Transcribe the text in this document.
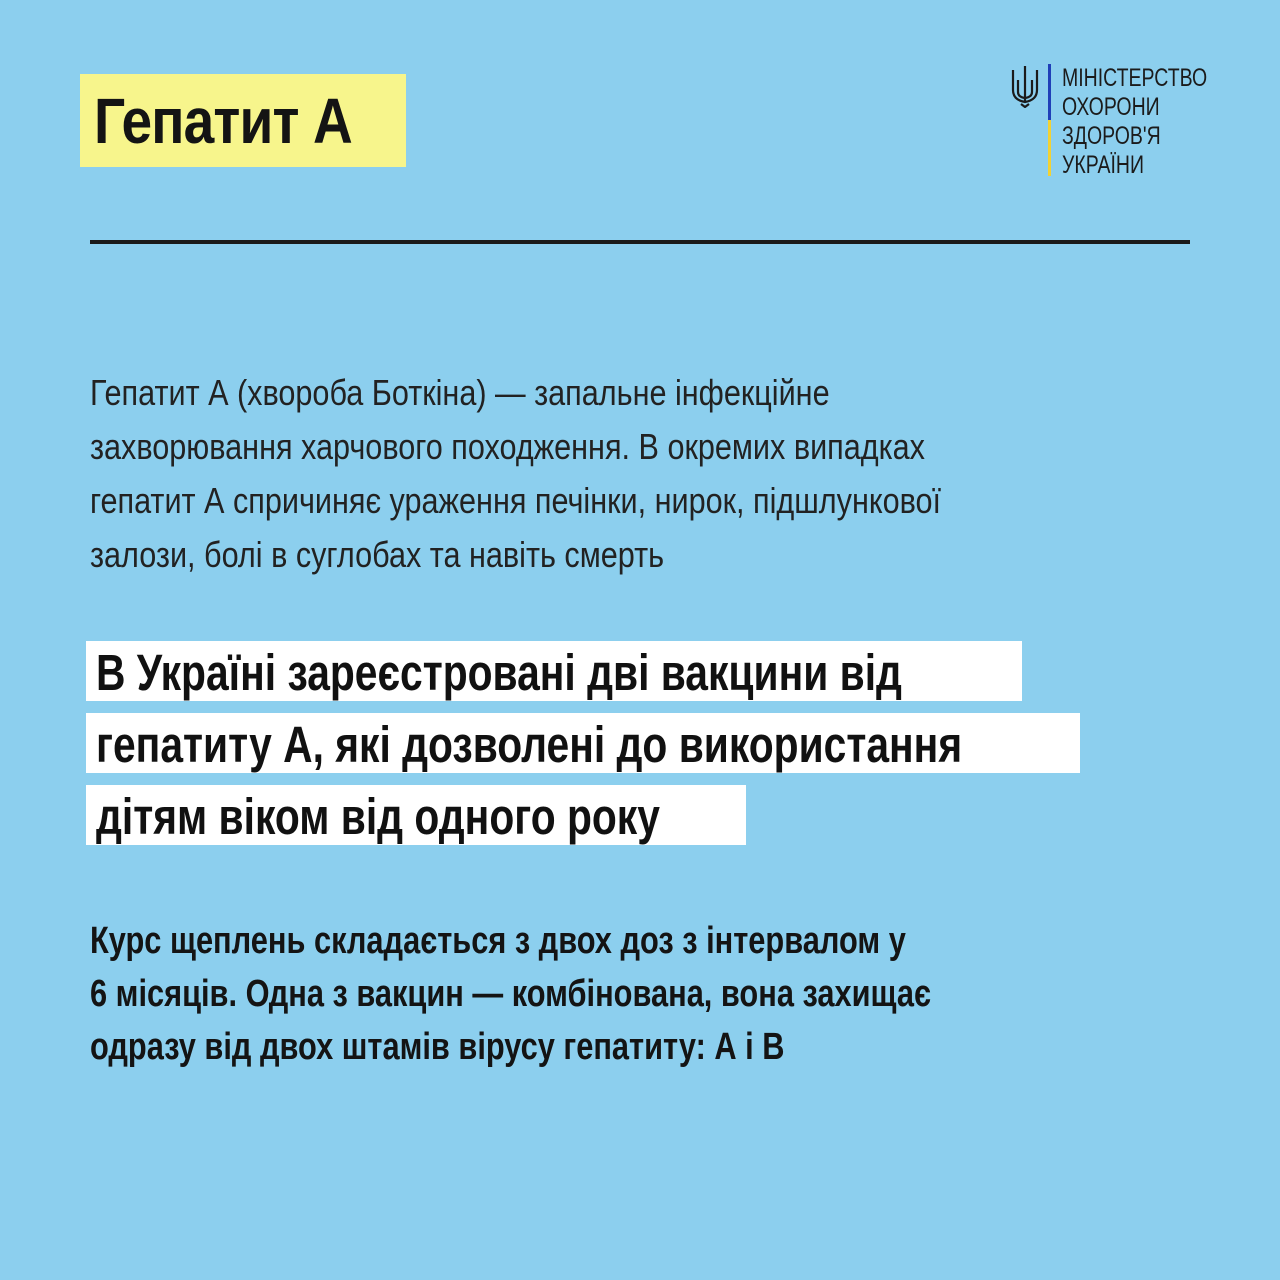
Гепатит А
МІНІСТЕРСТВО
ОХОРОНИ
ЗДОРОВ'Я
УКРАЇНИ
Гепатит А (хвороба Боткіна) — запальне інфекційне
захворювання харчового походження. В окремих випадках
гепатит А спричиняє ураження печінки, нирок, підшлункової
залози, болі в суглобах та навіть смерть
В Україні зареєстровані дві вакцини від
гепатиту А, які дозволені до використання
дітям віком від одного року
Курс щеплень складається з двох доз з інтервалом у
6 місяців. Одна з вакцин — комбінована, вона захищає
одразу від двох штамів вірусу гепатиту: А і В
